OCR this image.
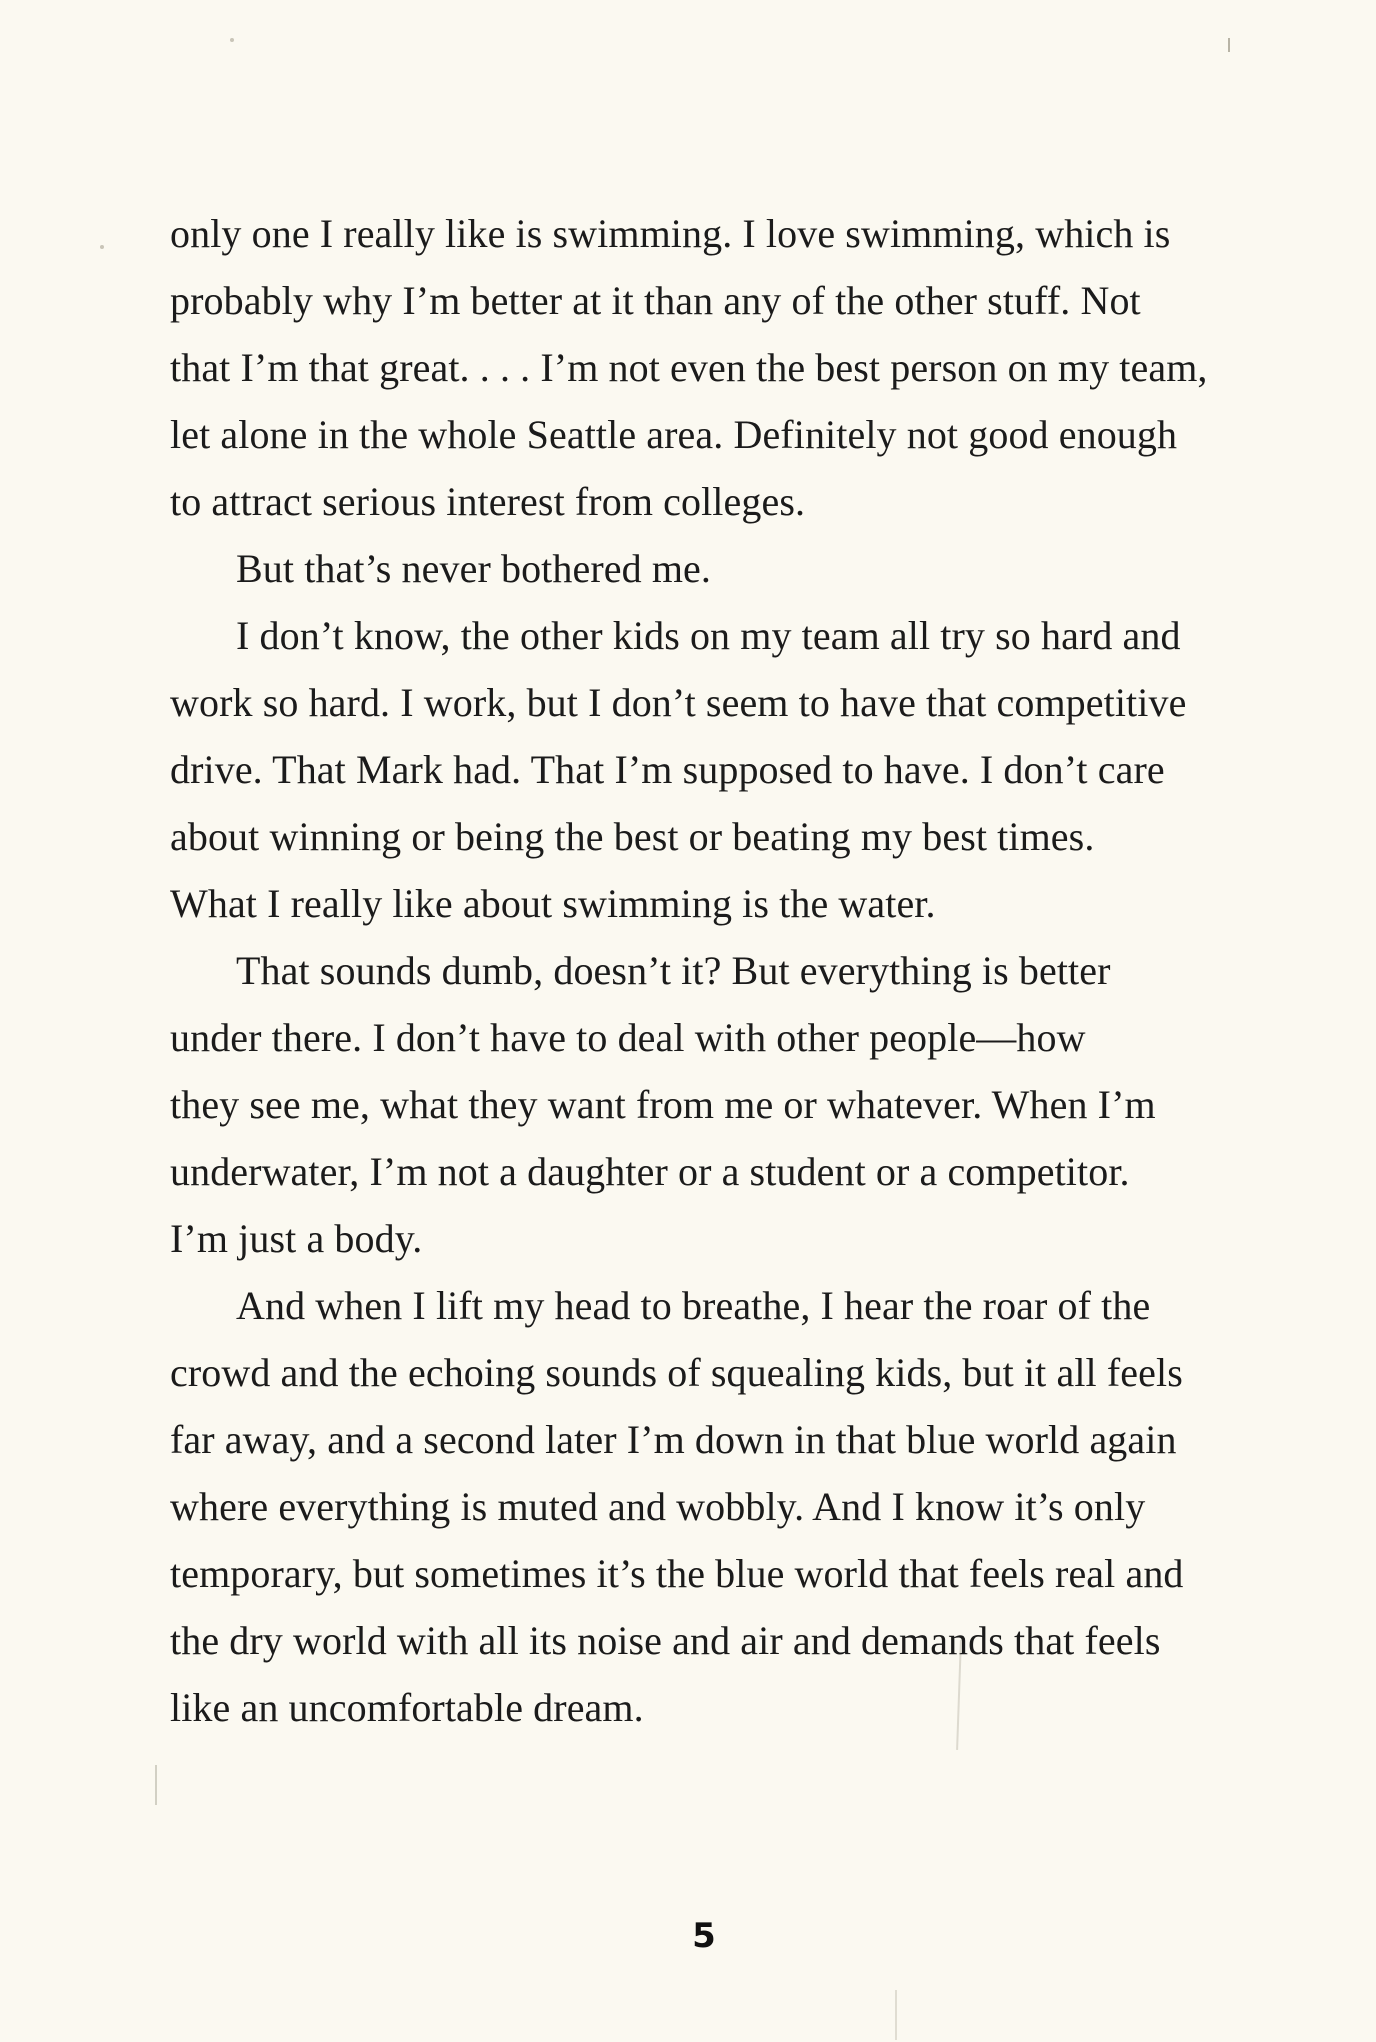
only one I really like is swimming. I love swimming, which is
probably why I’m better at it than any of the other stuff. Not
that I’m that great. . . . I’m not even the best person on my team,
let alone in the whole Seattle area. Definitely not good enough
to attract serious interest from colleges.
But that’s never bothered me.
I don’t know, the other kids on my team all try so hard and
work so hard. I work, but I don’t seem to have that competitive
drive. That Mark had. That I’m supposed to have. I don’t care
about winning or being the best or beating my best times.
What I really like about swimming is the water.
That sounds dumb, doesn’t it? But everything is better
under there. I don’t have to deal with other people—how
they see me, what they want from me or whatever. When I’m
underwater, I’m not a daughter or a student or a competitor.
I’m just a body.
And when I lift my head to breathe, I hear the roar of the
crowd and the echoing sounds of squealing kids, but it all feels
far away, and a second later I’m down in that blue world again
where everything is muted and wobbly. And I know it’s only
temporary, but sometimes it’s the blue world that feels real and
the dry world with all its noise and air and demands that feels
like an uncomfortable dream.
5
